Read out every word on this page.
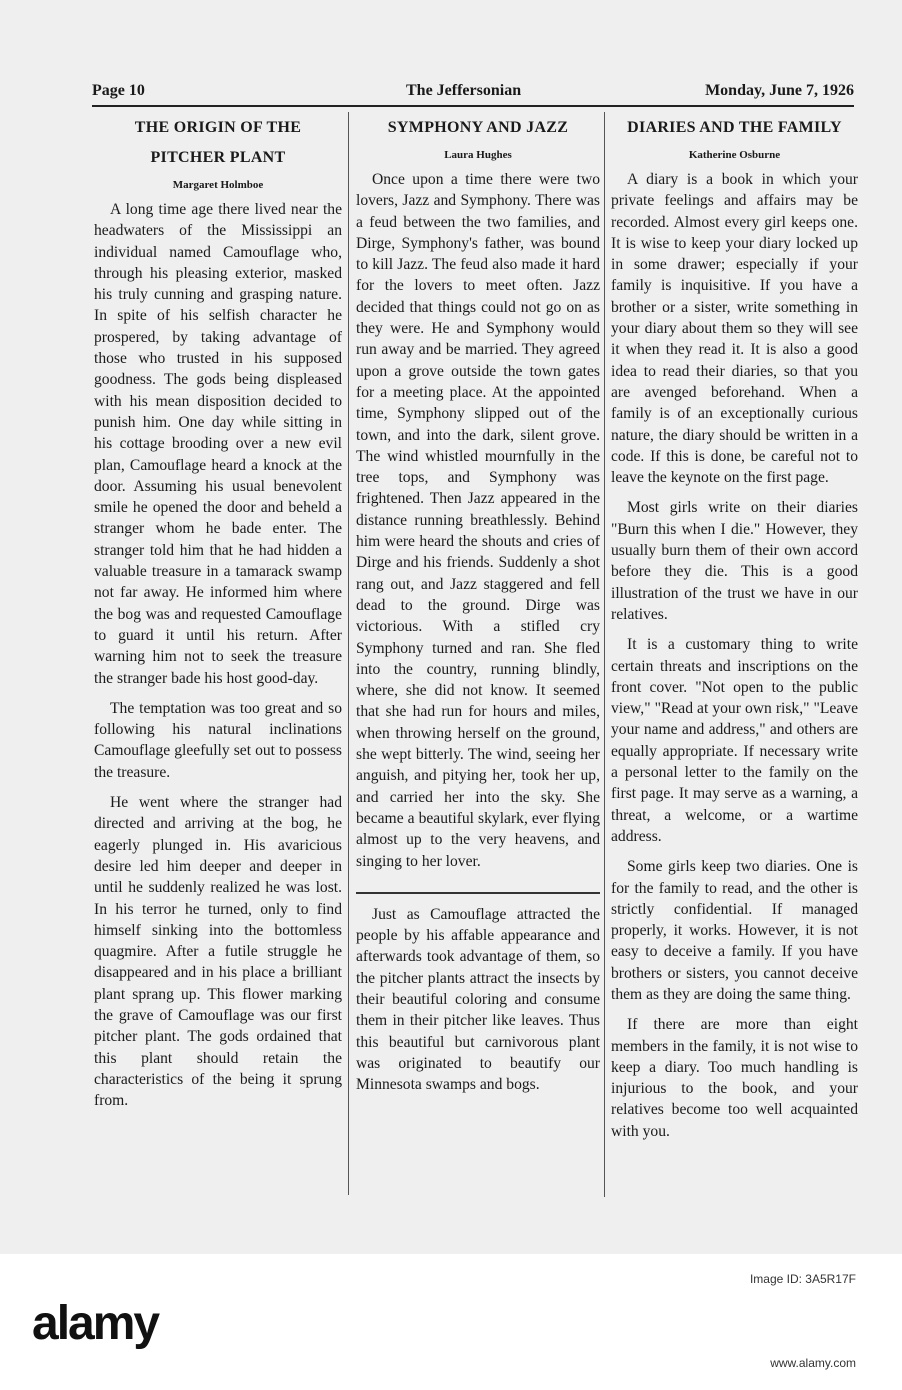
Page 10	The Jeffersonian	Monday, June 7, 1926
THE ORIGIN OF THE
PITCHER PLANT
Margaret Holmboe

A long time age there lived near the headwaters of the Mississippi an individual named Camouflage who, through his pleasing exterior, masked his truly cunning and grasping nature. In spite of his selfish character he prospered, by taking advantage of those who trusted in his supposed goodness. The gods being displeased with his mean disposition decided to punish him. One day while sitting in his cottage brooding over a new evil plan, Camouflage heard a knock at the door. Assuming his usual benevolent smile he opened the door and beheld a stranger whom he bade enter. The stranger told him that he had hidden a valuable treasure in a tamarack swamp not far away. He informed him where the bog was and requested Camouflage to guard it until his return. After warning him not to seek the treasure the stranger bade his host good-day.

The temptation was too great and so following his natural inclinations Camouflage gleefully set out to possess the treasure.

He went where the stranger had directed and arriving at the bog, he eagerly plunged in. His avaricious desire led him deeper and deeper in until he suddenly realized he was lost. In his terror he turned, only to find himself sinking into the bottomless quagmire. After a futile struggle he disappeared and in his place a brilliant plant sprang up. This flower marking the grave of Camouflage was our first pitcher plant. The gods ordained that this plant should retain the characteristics of the being it sprung from.

SYMPHONY AND JAZZ
Laura Hughes

Once upon a time there were two lovers, Jazz and Symphony. There was a feud between the two families, and Dirge, Symphony's father, was bound to kill Jazz. The feud also made it hard for the lovers to meet often. Jazz decided that things could not go on as they were. He and Symphony would run away and be married. They agreed upon a grove outside the town gates for a meeting place. At the appointed time, Symphony slipped out of the town, and into the dark, silent grove. The wind whistled mournfully in the tree tops, and Symphony was frightened. Then Jazz appeared in the distance running breathlessly. Behind him were heard the shouts and cries of Dirge and his friends. Suddenly a shot rang out, and Jazz staggered and fell dead to the ground. Dirge was victorious. With a stifled cry Symphony turned and ran. She fled into the country, running blindly, where, she did not know. It seemed that she had run for hours and miles, when throwing herself on the ground, she wept bitterly. The wind, seeing her anguish, and pitying her, took her up, and carried her into the sky. She became a beautiful skylark, ever flying almost up to the very heavens, and singing to her lover.

Just as Camouflage attracted the people by his affable appearance and afterwards took advantage of them, so the pitcher plants attract the insects by their beautiful coloring and consume them in their pitcher like leaves. Thus this beautiful but carnivorous plant was originated to beautify our Minnesota swamps and bogs.

DIARIES AND THE FAMILY
Katherine Osburne

A diary is a book in which your private feelings and affairs may be recorded. Almost every girl keeps one. It is wise to keep your diary locked up in some drawer; especially if your family is inquisitive. If you have a brother or a sister, write something in your diary about them so they will see it when they read it. It is also a good idea to read their diaries, so that you are avenged beforehand. When a family is of an exceptionally curious nature, the diary should be written in a code. If this is done, be careful not to leave the keynote on the first page.

Most girls write on their diaries "Burn this when I die." However, they usually burn them of their own accord before they die. This is a good illustration of the trust we have in our relatives.

It is a customary thing to write certain threats and inscriptions on the front cover. "Not open to the public view," "Read at your own risk," "Leave your name and address," and others are equally appropriate. If necessary write a personal letter to the family on the first page. It may serve as a warning, a threat, a welcome, or a wartime address.

Some girls keep two diaries. One is for the family to read, and the other is strictly confidential. If managed properly, it works. However, it is not easy to deceive a family. If you have brothers or sisters, you cannot deceive them as they are doing the same thing.

If there are more than eight members in the family, it is not wise to keep a diary. Too much handling is injurious to the book, and your relatives become too well acquainted with you.

alamy
Image ID: 3A5R17F
www.alamy.com
